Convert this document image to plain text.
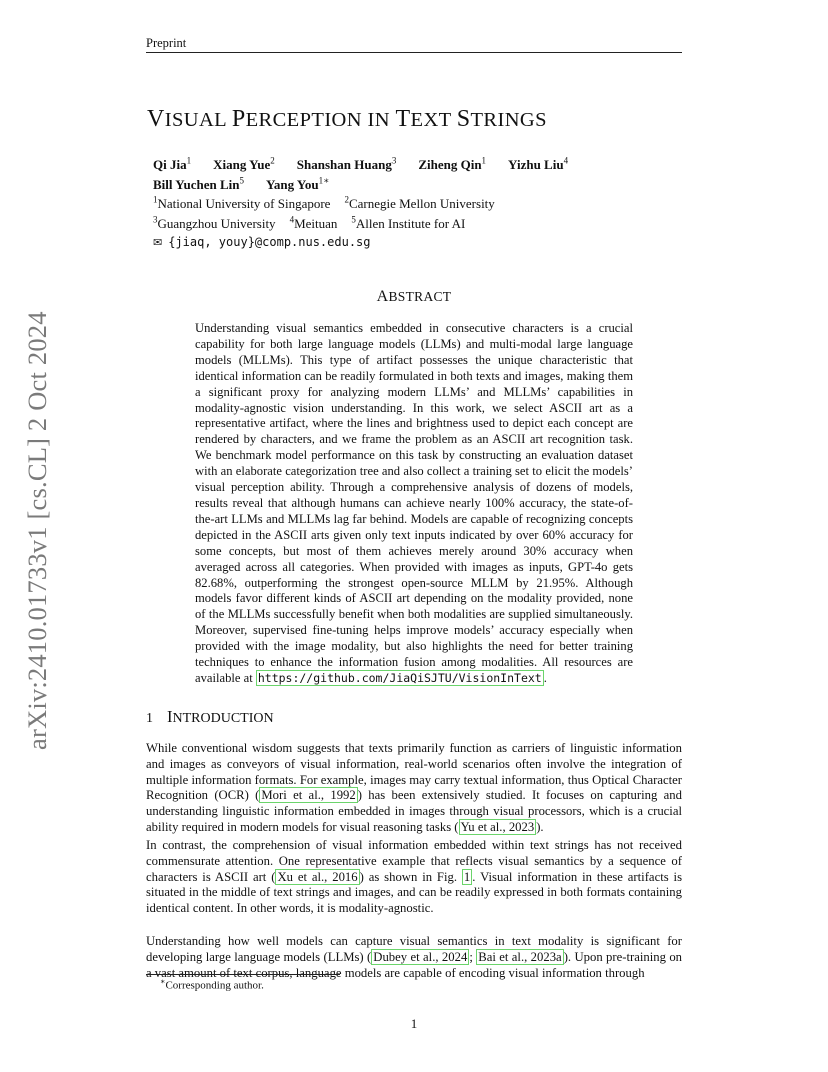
Preprint
arXiv:2410.01733v1 [cs.CL] 2 Oct 2024
VISUAL PERCEPTION IN TEXT STRINGS
Qi Jia$^1$ Xiang Yue$^2$ Shanshan Huang$^3$ Ziheng Qin$^1$ Yizhu Liu$^4$
Bill Yuchen Lin$^5$ Yang You$^{1∗}$
$^1$National University of Singapore $^2$Carnegie Mellon University
$^3$Guangzhou University $^4$Meituan $^5$Allen Institute for AI
✉ {jiaq, youy}@comp.nus.edu.sg
ABSTRACT
Understanding visual semantics embedded in consecutive characters is a crucial capability for both large language models (LLMs) and multi-modal large language models (MLLMs). This type of artifact possesses the unique characteristic that identical information can be readily formulated in both texts and images, making them a significant proxy for analyzing modern LLMs’ and MLLMs’ capabilities in modality-agnostic vision understanding. In this work, we select ASCII art as a representative artifact, where the lines and brightness used to depict each concept are rendered by characters, and we frame the problem as an ASCII art recognition task. We benchmark model performance on this task by constructing an evaluation dataset with an elaborate categorization tree and also collect a training set to elicit the models’ visual perception ability. Through a comprehensive analysis of dozens of models, results reveal that although humans can achieve nearly 100% accuracy, the state-of-the-art LLMs and MLLMs lag far behind. Models are capable of recognizing concepts depicted in the ASCII arts given only text inputs indicated by over 60% accuracy for some concepts, but most of them achieves merely around 30% accuracy when averaged across all categories. When provided with images as inputs, GPT-4o gets 82.68%, outperforming the strongest open-source MLLM by 21.95%. Although models favor different kinds of ASCII art depending on the modality provided, none of the MLLMs successfully benefit when both modalities are supplied simultaneously. Moreover, supervised fine-tuning helps improve models’ accuracy especially when provided with the image modality, but also highlights the need for better training techniques to enhance the information fusion among modalities. All resources are available at https://github.com/JiaQiSJTU/VisionInText .
1 INTRODUCTION
While conventional wisdom suggests that texts primarily function as carriers of linguistic information and images as conveyors of visual information, real-world scenarios often involve the integration of multiple information formats. For example, images may carry textual information, thus Optical Character Recognition (OCR) ( Mori et al., 1992 ) has been extensively studied. It focuses on capturing and understanding linguistic information embedded in images through visual processors, which is a crucial ability required in modern models for visual reasoning tasks ( Yu et al., 2023 ).
In contrast, the comprehension of visual information embedded within text strings has not received commensurate attention. One representative example that reflects visual semantics by a sequence of characters is ASCII art ( Xu et al., 2016 ) as shown in Fig. 1 . Visual information in these artifacts is situated in the middle of text strings and images, and can be readily expressed in both formats containing identical content. In other words, it is modality-agnostic.
Understanding how well models can capture visual semantics in text modality is significant for developing large language models (LLMs) ( Dubey et al., 2024 ; Bai et al., 2023a ). Upon pre-training on a vast amount of text corpus, language models are capable of encoding visual information through
∗Corresponding author.
1
